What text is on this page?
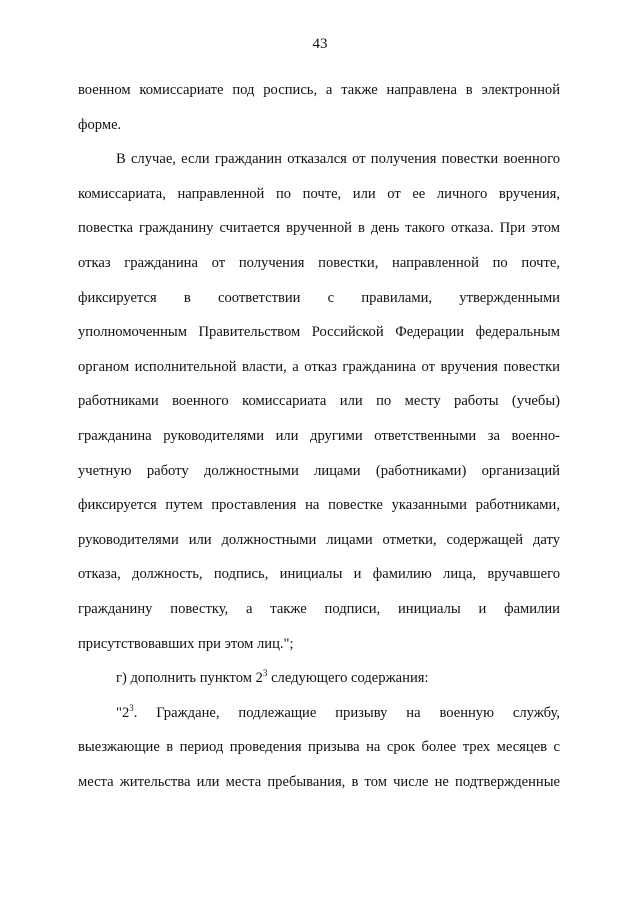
43
военном комиссариате под роспись, а также направлена в электронной
форме.
В случае, если гражданин отказался от получения повестки военного
комиссариата, направленной по почте, или от ее личного вручения,
повестка гражданину считается врученной в день такого отказа. При этом
отказ гражданина от получения повестки, направленной по почте,
фиксируется в соответствии с правилами, утвержденными
уполномоченным Правительством Российской Федерации федеральным
органом исполнительной власти, а отказ гражданина от вручения повестки
работниками военного комиссариата или по месту работы (учебы)
гражданина руководителями или другими ответственными за военно-
учетную работу должностными лицами (работниками) организаций
фиксируется путем проставления на повестке указанными работниками,
руководителями или должностными лицами отметки, содержащей дату
отказа, должность, подпись, инициалы и фамилию лица, вручавшего
гражданину повестку, а также подписи, инициалы и фамилии
присутствовавших при этом лиц.";
г) дополнить пунктом $2^3$ следующего содержания:
"$2^3$. Граждане, подлежащие призыву на военную службу,
выезжающие в период проведения призыва на срок более трех месяцев с
места жительства или места пребывания, в том числе не подтвержденные
